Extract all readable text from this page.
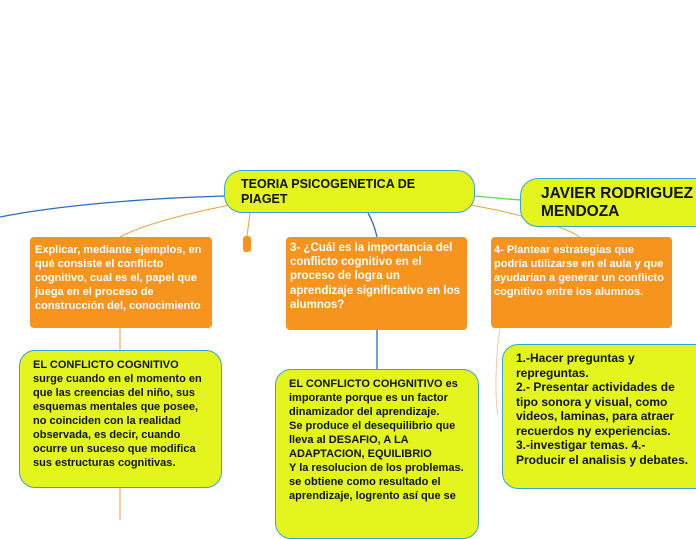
TEORIA PSICOGENETICA DE PIAGET	JAVIER RODRIGUEZ MENDOZA
Explicar, mediante ejemplos, en qué consiste el conflicto cognitivo, cual es el, papel que juega en el proceso de construcción del, conocimiento
3- ¿Cuál es la importancia del conflicto cognitivo en el proceso de logra un aprendizaje significativo en los alumnos?
4- Plantear estrategias que podría utilizarse en el aula y que ayudarían a generar un conflicto cognitivo entre los alumnos.
EL CONFLICTO COGNITIVO surge cuando en el momento en que las creencias del niño, sus esquemas mentales que posee, no coinciden con la realidad observada, es decir, cuando ocurre un suceso que modifica sus estructuras cognitivas.
EL CONFLICTO COHGNITIVO es imporante porque es un factor dinamizador del aprendizaje.
Se produce el desequilibrio que lleva al DESAFIO, A LA ADAPTACION, EQUILIBRIO
Y la resolucion de los problemas. se obtiene como resultado el aprendizaje, logrento así que se
1.-Hacer preguntas y repreguntas.
2.- Presentar actividades de tipo sonora y visual, como videos, laminas, para atraer recuerdos ny experiencias.
3.-investigar temas. 4.- Producir el analisis y debates.
